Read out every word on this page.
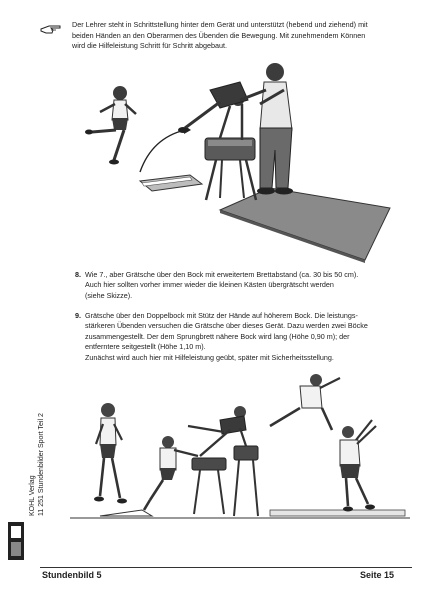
Der Lehrer steht in Schrittstellung hinter dem Gerät und unterstützt (hebend und ziehend) mit
beiden Händen an den Oberarmen des Übenden die Bewegung. Mit zunehmendem Können
wird die Hilfeleistung Schritt für Schritt abgebaut.
8. Wie 7., aber Grätsche über den Bock mit erweitertem Brettabstand (ca. 30 bis 50 cm).
Auch hier sollten vorher immer wieder die kleinen Kästen übergrätscht werden
(siehe Skizze).
9. Grätsche über den Doppelbock mit Stütz der Hände auf höherem Bock. Die leistungs-
stärkeren Übenden versuchen die Grätsche über dieses Gerät. Dazu werden zwei Böcke
zusammengestellt. Der dem Sprungbrett nähere Bock wird lang (Höhe 0,90 m); der
entferntere seitgestellt (Höhe 1,10 m).
Zunächst wird auch hier mit Hilfeleistung geübt, später mit Sicherheitsstellung.
KOHL Verlag 11 251 Stundenbilder Sport Teil 2
Stundenbild 5	Seite 15
